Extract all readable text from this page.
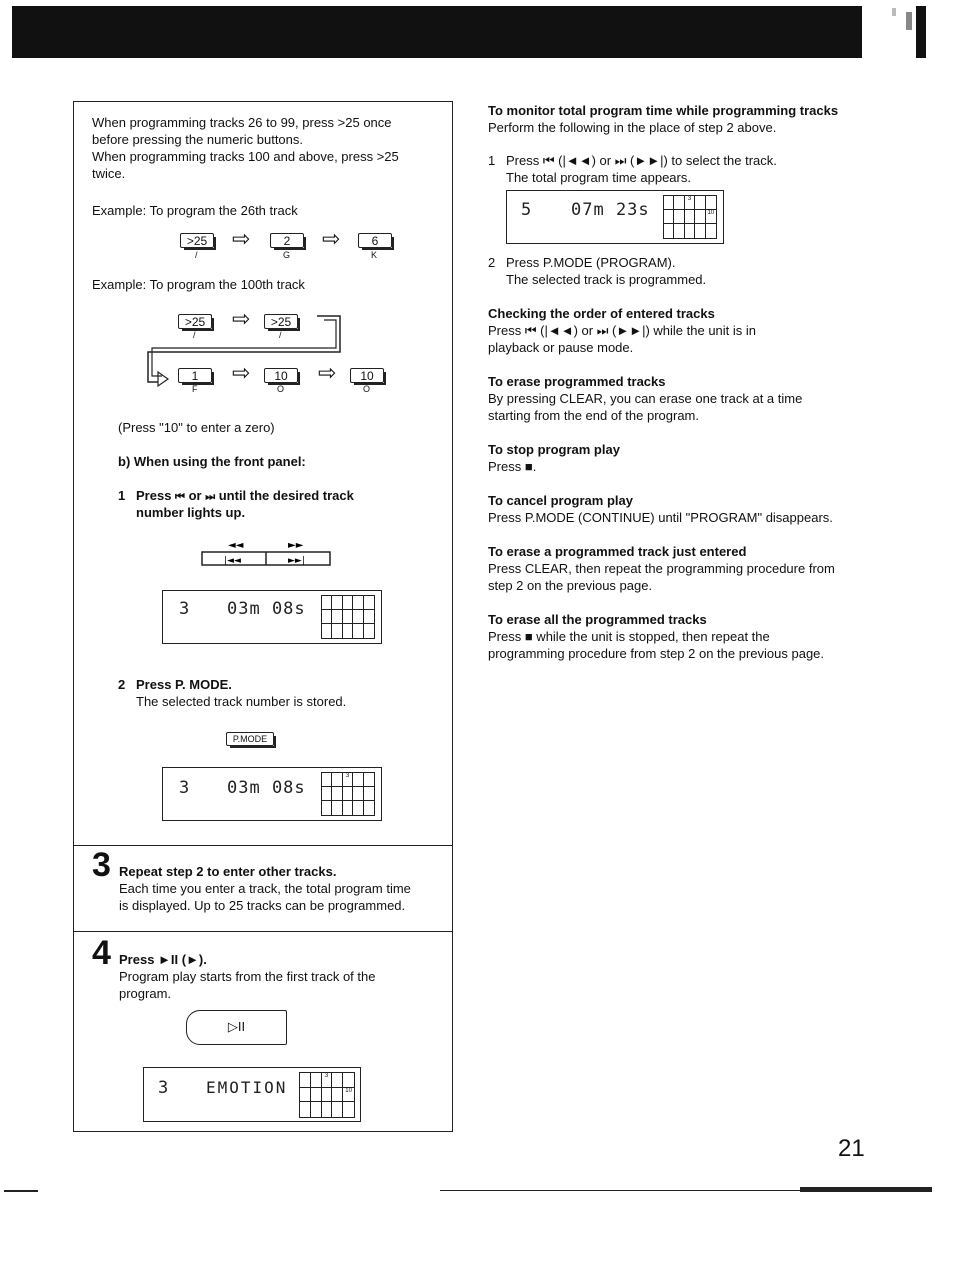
When programming tracks 26 to 99, press >25 once
before pressing the numeric buttons.
When programming tracks 100 and above, press >25
twice.
Example: To program the 26th track
>25
/
⇨	2
G
⇨	6
K
Example: To program the 100th track
>25
/
⇨	>25
/
1
F
⇨	10
O
⇨	10
O
(Press "10" to enter a zero)
b) When using the front panel:
1 Press ⏮ or ⏭ until the desired track
number lights up.
◄◄	►►
|◄◄	►►|
3 03m 08s
2 Press P. MODE.
The selected track number is stored.
P.MODE
3 03m 08s
3
3 Repeat step 2 to enter other tracks.
Each time you enter a track, the total program time
is displayed. Up to 25 tracks can be programmed.
4 Press ►II (►).
Program play starts from the first track of the
program.
▷II
3 EMOTION
3
10
To monitor total program time while programming tracks
Perform the following in the place of step 2 above.
1 Press ⏮ (|◄◄) or ⏭ (►►|) to select the track.
The total program time appears.
5 07m 23s
3
10
2 Press P.MODE (PROGRAM).
The selected track is programmed.
Checking the order of entered tracks
Press ⏮ (|◄◄) or ⏭ (►►|) while the unit is in
playback or pause mode.
To erase programmed tracks
By pressing CLEAR, you can erase one track at a time
starting from the end of the program.
To stop program play
Press ■.
To cancel program play
Press P.MODE (CONTINUE) until "PROGRAM" disappears.
To erase a programmed track just entered
Press CLEAR, then repeat the programming procedure from
step 2 on the previous page.
To erase all the programmed tracks
Press ■ while the unit is stopped, then repeat the
programming procedure from step 2 on the previous page.
21
